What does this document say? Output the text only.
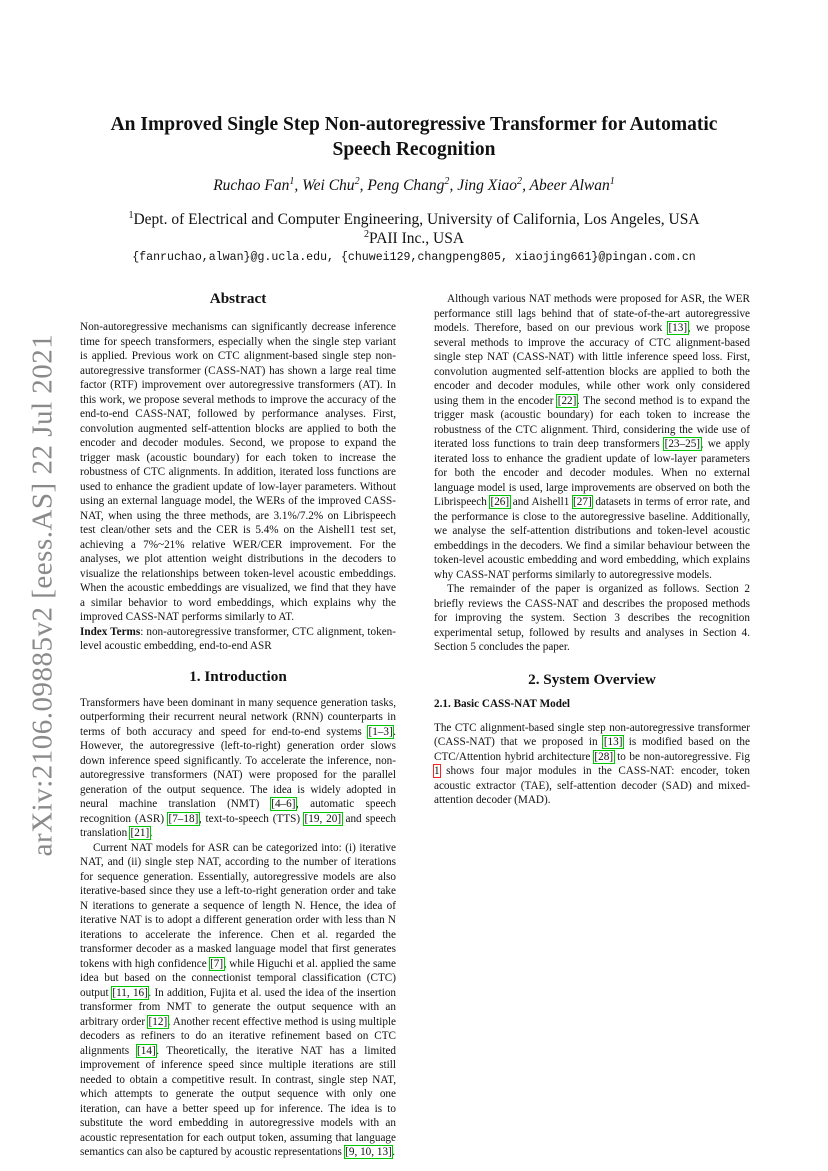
arXiv:2106.09885v2 [eess.AS] 22 Jul 2021
An Improved Single Step Non-autoregressive Transformer for Automatic
Speech Recognition
Ruchao Fan$^1$, Wei Chu$^2$, Peng Chang$^2$, Jing Xiao$^2$, Abeer Alwan$^1$
$^1$Dept. of Electrical and Computer Engineering, University of California, Los Angeles, USA
$^2$PAII Inc., USA
{fanruchao,alwan}@g.ucla.edu, {chuwei129,changpeng805, xiaojing661}@pingan.com.cn
Abstract

Non-autoregressive mechanisms can significantly decrease inference time for speech transformers, especially when the single step variant is applied. Previous work on CTC alignment-based single step non-autoregressive transformer (CASS-NAT) has shown a large real time factor (RTF) improvement over autoregressive transformers (AT). In this work, we propose several methods to improve the accuracy of the end-to-end CASS-NAT, followed by performance analyses. First, convolution augmented self-attention blocks are applied to both the encoder and decoder modules. Second, we propose to expand the trigger mask (acoustic boundary) for each token to increase the robustness of CTC alignments. In addition, iterated loss functions are used to enhance the gradient update of low-layer parameters. Without using an external language model, the WERs of the improved CASS-NAT, when using the three methods, are 3.1%/7.2% on Librispeech test clean/other sets and the CER is 5.4% on the Aishell1 test set, achieving a 7%~21% relative WER/CER improvement. For the analyses, we plot attention weight distributions in the decoders to visualize the relationships between token-level acoustic embeddings. When the acoustic embeddings are visualized, we find that they have a similar behavior to word embeddings, which explains why the improved CASS-NAT performs similarly to AT.

Index Terms: non-autoregressive transformer, CTC alignment, token-level acoustic embedding, end-to-end ASR

1. Introduction

Transformers have been dominant in many sequence generation tasks, outperforming their recurrent neural network (RNN) counterparts in terms of both accuracy and speed for end-to-end systems [1–3]. However, the autoregressive (left-to-right) generation order slows down inference speed significantly. To accelerate the inference, non-autoregressive transformers (NAT) were proposed for the parallel generation of the output sequence. The idea is widely adopted in neural machine translation (NMT) [4–6], automatic speech recognition (ASR) [7–18], text-to-speech (TTS) [19, 20] and speech translation [21].

Current NAT models for ASR can be categorized into: (i) iterative NAT, and (ii) single step NAT, according to the number of iterations for sequence generation. Essentially, autoregressive models are also iterative-based since they use a left-to-right generation order and take N iterations to generate a sequence of length N. Hence, the idea of iterative NAT is to adopt a different generation order with less than N iterations to accelerate the inference. Chen et al. regarded the transformer decoder as a masked language model that first generates tokens with high confidence [7], while Higuchi et al. applied the same idea but based on the connectionist temporal classification (CTC) output [11, 16]. In addition, Fujita et al. used the idea of the insertion transformer from NMT to generate the output sequence with an arbitrary order [12]. Another recent effective method is using multiple decoders as refiners to do an iterative refinement based on CTC alignments [14]. Theoretically, the iterative NAT has a limited improvement of inference speed since multiple iterations are still needed to obtain a competitive result. In contrast, single step NAT, which attempts to generate the output sequence with only one iteration, can have a better speed up for inference. The idea is to substitute the word embedding in autoregressive models with an acoustic representation for each output token, assuming that language semantics can also be captured by acoustic representations [9, 10, 13].

Although various NAT methods were proposed for ASR, the WER performance still lags behind that of state-of-the-art autoregressive models. Therefore, based on our previous work [13], we propose several methods to improve the accuracy of CTC alignment-based single step NAT (CASS-NAT) with little inference speed loss. First, convolution augmented self-attention blocks are applied to both the encoder and decoder modules, while other work only considered using them in the encoder [22]. The second method is to expand the trigger mask (acoustic boundary) for each token to increase the robustness of the CTC alignment. Third, considering the wide use of iterated loss functions to train deep transformers [23–25], we apply iterated loss to enhance the gradient update of low-layer parameters for both the encoder and decoder modules. When no external language model is used, large improvements are observed on both the Librispeech [26] and Aishell1 [27] datasets in terms of error rate, and the performance is close to the autoregressive baseline. Additionally, we analyse the self-attention distributions and token-level acoustic embeddings in the decoders. We find a similar behaviour between the token-level acoustic embedding and word embedding, which explains why CASS-NAT performs similarly to autoregressive models.

The remainder of the paper is organized as follows. Section 2 briefly reviews the CASS-NAT and describes the proposed methods for improving the system. Section 3 describes the recognition experimental setup, followed by results and analyses in Section 4. Section 5 concludes the paper.

2. System Overview
2.1. Basic CASS-NAT Model

The CTC alignment-based single step non-autoregressive transformer (CASS-NAT) that we proposed in [13] is modified based on the CTC/Attention hybrid architecture [28] to be non-autoregressive. Fig 1 shows four major modules in the CASS-NAT: encoder, token acoustic extractor (TAE), self-attention decoder (SAD) and mixed-attention decoder (MAD).
